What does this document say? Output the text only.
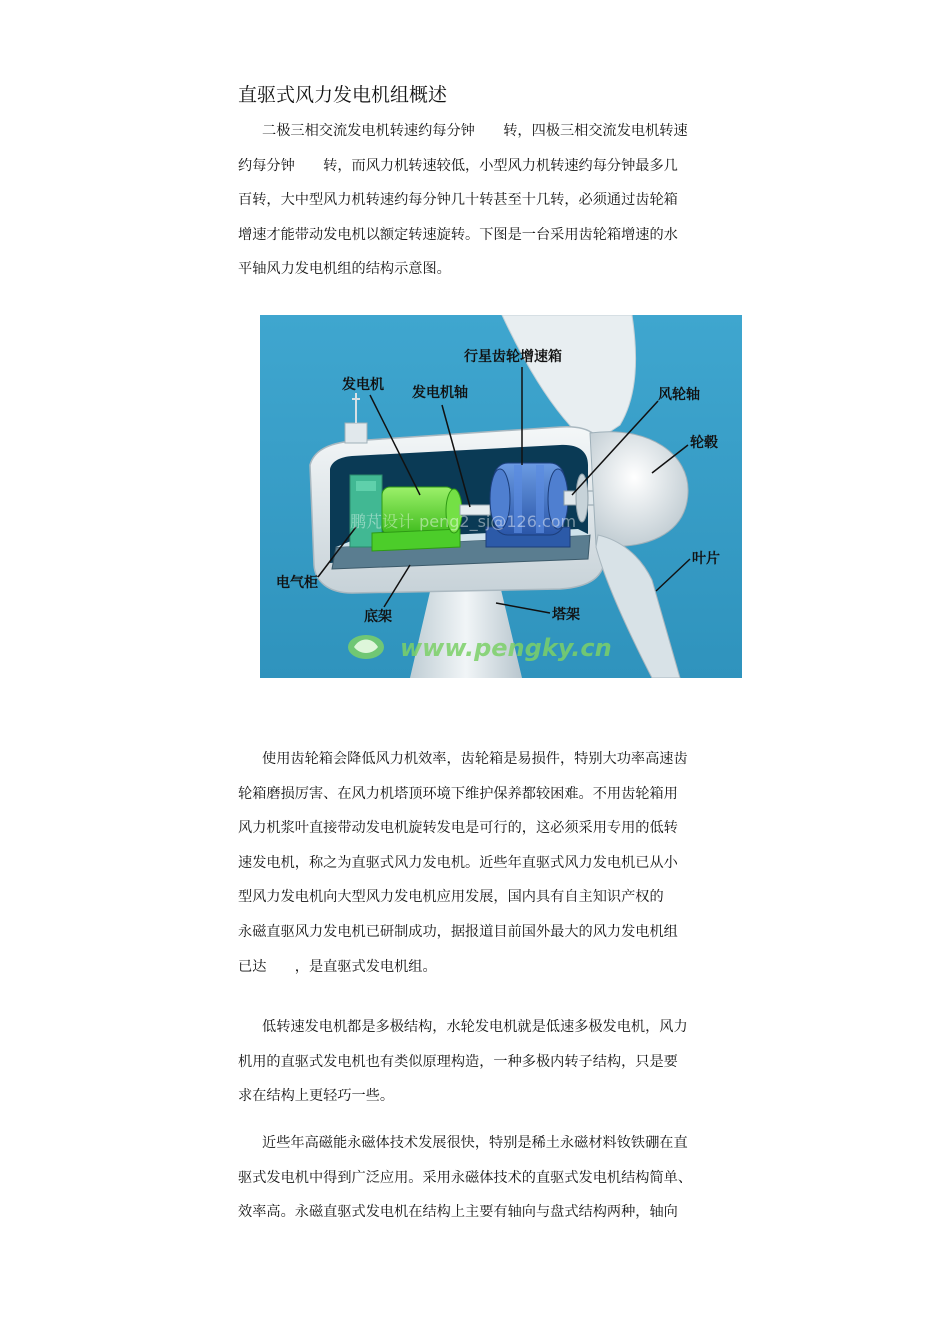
直驱式风力发电机组概述
二极三相交流发电机转速约每分钟　　转，四极三相交流发电机转速
约每分钟　　转，而风力机转速较低，小型风力机转速约每分钟最多几
百转，大中型风力机转速约每分钟几十转甚至十几转，必须通过齿轮箱
增速才能带动发电机以额定转速旋转。下图是一台采用齿轮箱增速的水
平轴风力发电机组的结构示意图。
发电机 发电机轴
行星齿轮增速箱
风轮轴
轮毂
叶片
塔架
底架
电气柜
鹏芃设计 peng2_sj@126.com
www.pengky.cn
使用齿轮箱会降低风力机效率，齿轮箱是易损件，特别大功率高速齿
轮箱磨损厉害、在风力机塔顶环境下维护保养都较困难。不用齿轮箱用
风力机浆叶直接带动发电机旋转发电是可行的，这必须采用专用的低转
速发电机，称之为直驱式风力发电机。近些年直驱式风力发电机已从小
型风力发电机向大型风力发电机应用发展，国内具有自主知识产权的
永磁直驱风力发电机已研制成功，据报道目前国外最大的风力发电机组
已达　　，是直驱式发电机组。
低转速发电机都是多极结构，水轮发电机就是低速多极发电机，风力
机用的直驱式发电机也有类似原理构造，一种多极内转子结构，只是要
求在结构上更轻巧一些。
近些年高磁能永磁体技术发展很快，特别是稀土永磁材料钕铁硼在直
驱式发电机中得到广泛应用。采用永磁体技术的直驱式发电机结构简单、
效率高。永磁直驱式发电机在结构上主要有轴向与盘式结构两种，轴向
